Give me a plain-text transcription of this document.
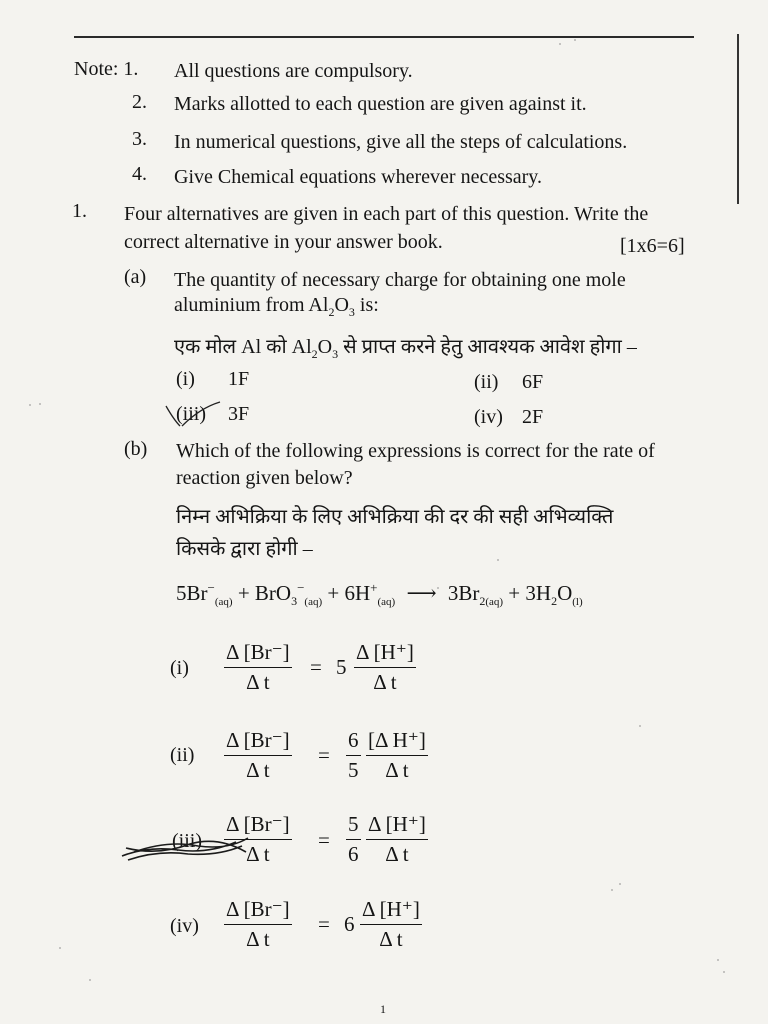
Note: 1. All questions are compulsory.
2. Marks allotted to each question are given against it.
3. In numerical questions, give all the steps of calculations.
4. Give Chemical equations wherever necessary.
1. Four alternatives are given in each part of this question. Write the
correct alternative in your answer book.	[1x6=6]
(a) The quantity of necessary charge for obtaining one mole
aluminium from $Al_2O_3$ is:
एक मोल Al को $Al_2O_3$ से प्राप्त करने हेतु आवश्यक आवेश होगा –
(i) 1F	(ii) 6F
(iii) 3F	(iv) 2F
(b) Which of the following expressions is correct for the rate of
reaction given below?
निम्न अभिक्रिया के लिए अभिक्रिया की दर की सही अभिव्यक्ति
किसके द्वारा होगी –
$5Br^-_{(aq)} + BrO_3^-_{(aq)} + 6H^+_{(aq)}$ ⟶ $3Br_{2(aq)} + 3H_2O_{(l)}$
$(i) \frac{\Delta [Br^-]}{\text{Δ t}} = 5 \frac{\Delta [H^+]}{\text{Δ t}}$
$(ii) \frac{\Delta [Br^-]}{\text{Δ t}} = \frac{6}{5} \frac{\text{[Δ H⁺]}}{\text{Δ t}}$
$(iii) \frac{\Delta [Br^-]}{\text{Δ t}} = \frac{5}{6} \frac{\Delta [H^+]}{\text{Δ t}}$
$(iv) \frac{\Delta [Br^-]}{\text{Δ t}} = 6 \frac{\Delta [H^+]}{\text{Δ t}}$
1
